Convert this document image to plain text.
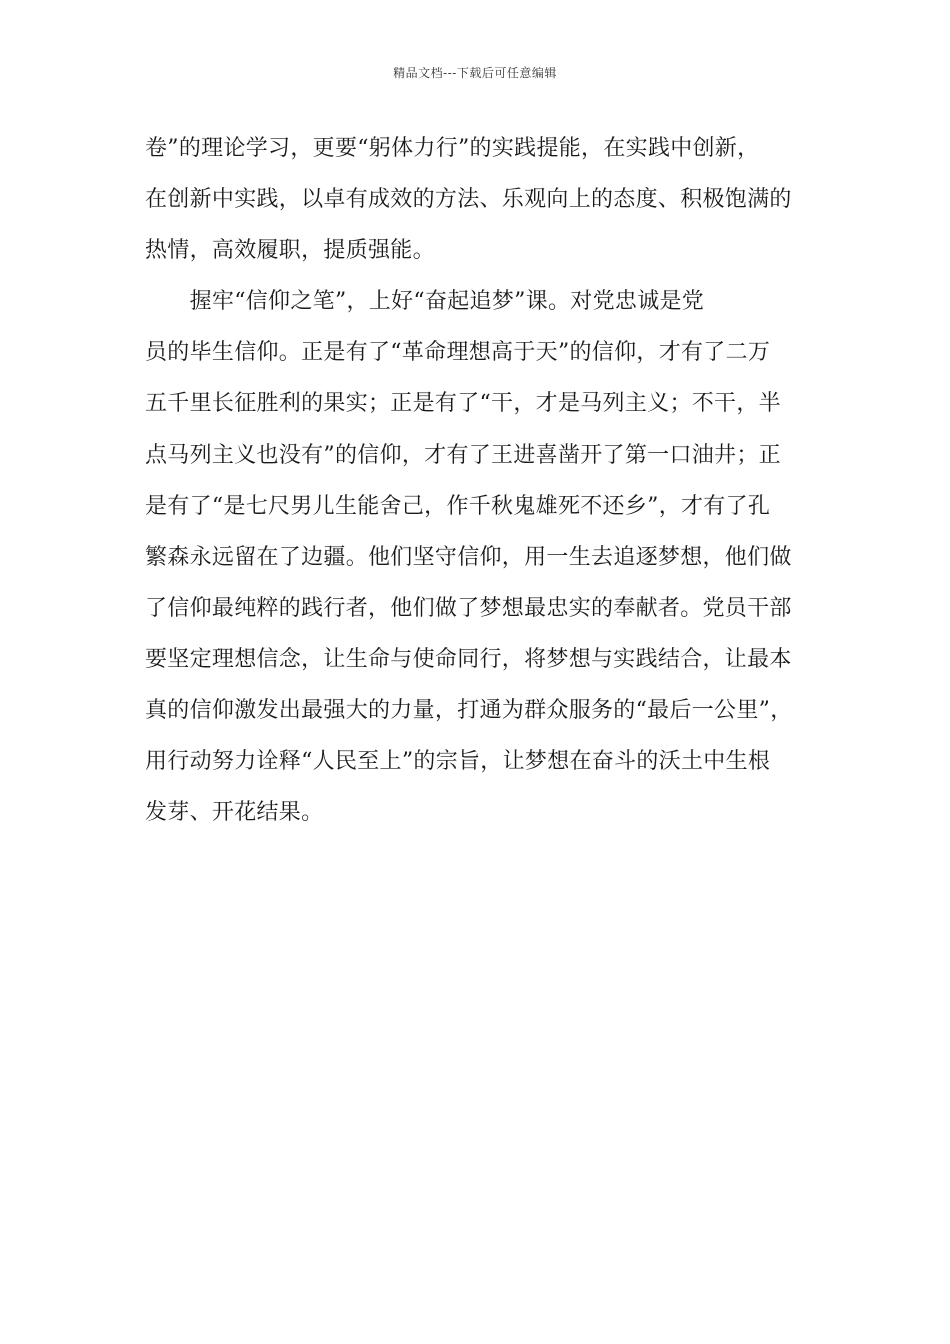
精品文档---下载后可任意编辑
卷”的理论学习，更要“躬体力行”的实践提能，在实践中创新，
在创新中实践，以卓有成效的方法、乐观向上的态度、积极饱满的
热情，高效履职，提质强能。
　　握牢“信仰之笔”，上好“奋起追梦”课。对党忠诚是党
员的毕生信仰。正是有了“革命理想高于天”的信仰，才有了二万
五千里长征胜利的果实；正是有了“干，才是马列主义；不干，半
点马列主义也没有”的信仰，才有了王进喜凿开了第一口油井；正
是有了“是七尺男儿生能舍己，作千秋鬼雄死不还乡”，才有了孔
繁森永远留在了边疆。他们坚守信仰，用一生去追逐梦想，他们做
了信仰最纯粹的践行者，他们做了梦想最忠实的奉献者。党员干部
要坚定理想信念，让生命与使命同行，将梦想与实践结合，让最本
真的信仰激发出最强大的力量，打通为群众服务的“最后一公里”，
用行动努力诠释“人民至上”的宗旨，让梦想在奋斗的沃土中生根
发芽、开花结果。
